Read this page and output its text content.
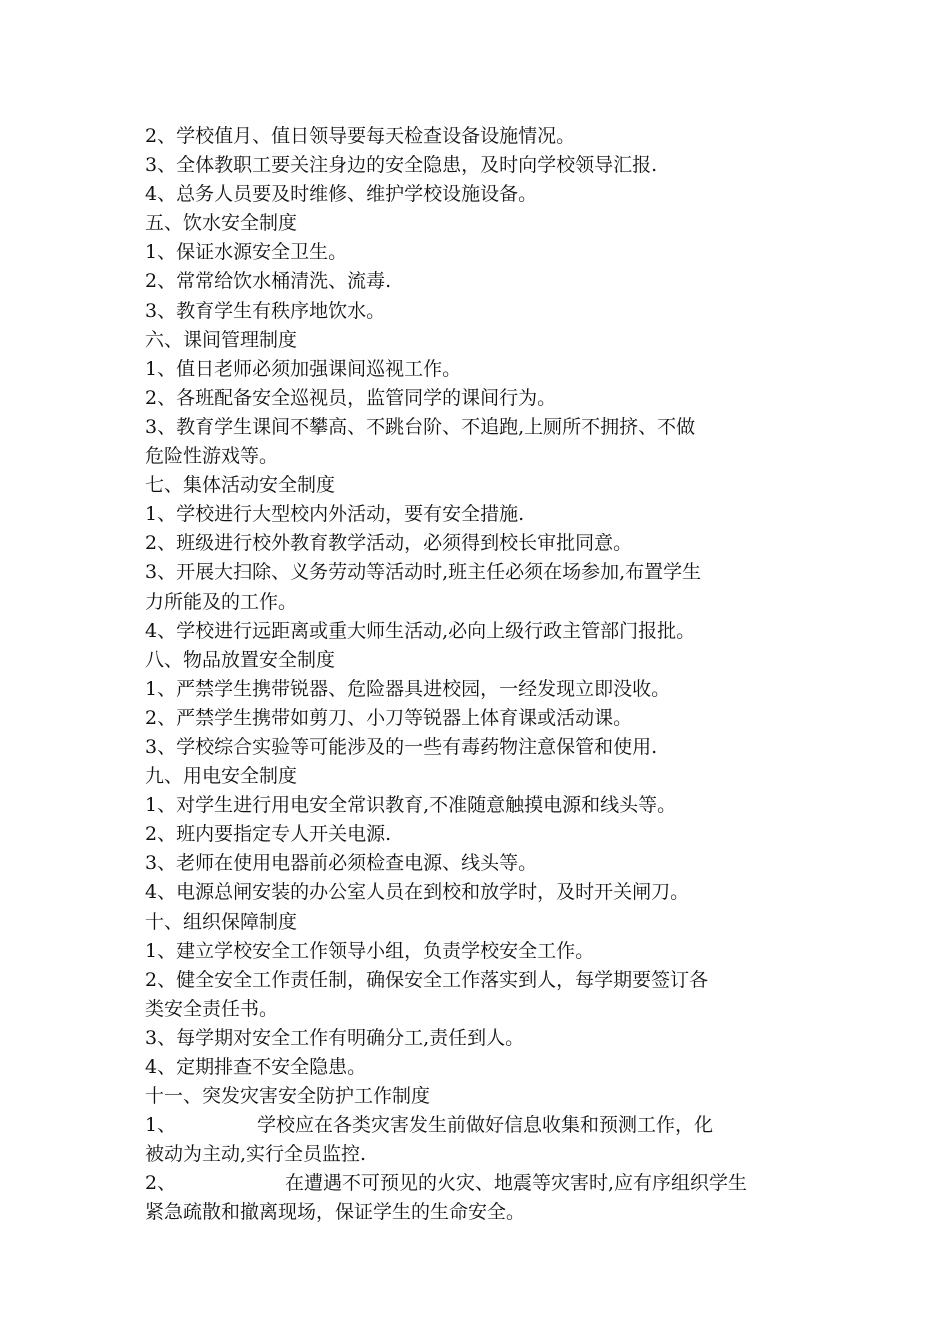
2、学校值月、值日领导要每天检查设备设施情况。
3、全体教职工要关注身边的安全隐患，及时向学校领导汇报.
4、总务人员要及时维修、维护学校设施设备。
五、饮水安全制度
1、保证水源安全卫生。
2、常常给饮水桶清洗、流毒.
3、教育学生有秩序地饮水。
六、课间管理制度
1、值日老师必须加强课间巡视工作。
2、各班配备安全巡视员，监管同学的课间行为。
3、教育学生课间不攀高、不跳台阶、不追跑,上厕所不拥挤、不做
危险性游戏等。
七、集体活动安全制度
1、学校进行大型校内外活动，要有安全措施.
2、班级进行校外教育教学活动，必须得到校长审批同意。
3、开展大扫除、义务劳动等活动时,班主任必须在场参加,布置学生
力所能及的工作。
4、学校进行远距离或重大师生活动,必向上级行政主管部门报批。
八、物品放置安全制度
1、严禁学生携带锐器、危险器具进校园，一经发现立即没收。
2、严禁学生携带如剪刀、小刀等锐器上体育课或活动课。
3、学校综合实验等可能涉及的一些有毒药物注意保管和使用.
九、用电安全制度
1、对学生进行用电安全常识教育,不准随意触摸电源和线头等。
2、班内要指定专人开关电源.
3、老师在使用电器前必须检查电源、线头等。
4、电源总闸安装的办公室人员在到校和放学时，及时开关闸刀。
十、组织保障制度
1、建立学校安全工作领导小组，负责学校安全工作。
2、健全安全工作责任制，确保安全工作落实到人，每学期要签订各
类安全责任书。
3、每学期对安全工作有明确分工,责任到人。
4、定期排查不安全隐患。
十一、突发灾害安全防护工作制度
1、	学校应在各类灾害发生前做好信息收集和预测工作，化
被动为主动,实行全员监控.
2、	在遭遇不可预见的火灾、地震等灾害时,应有序组织学生
紧急疏散和撤离现场，保证学生的生命安全。
